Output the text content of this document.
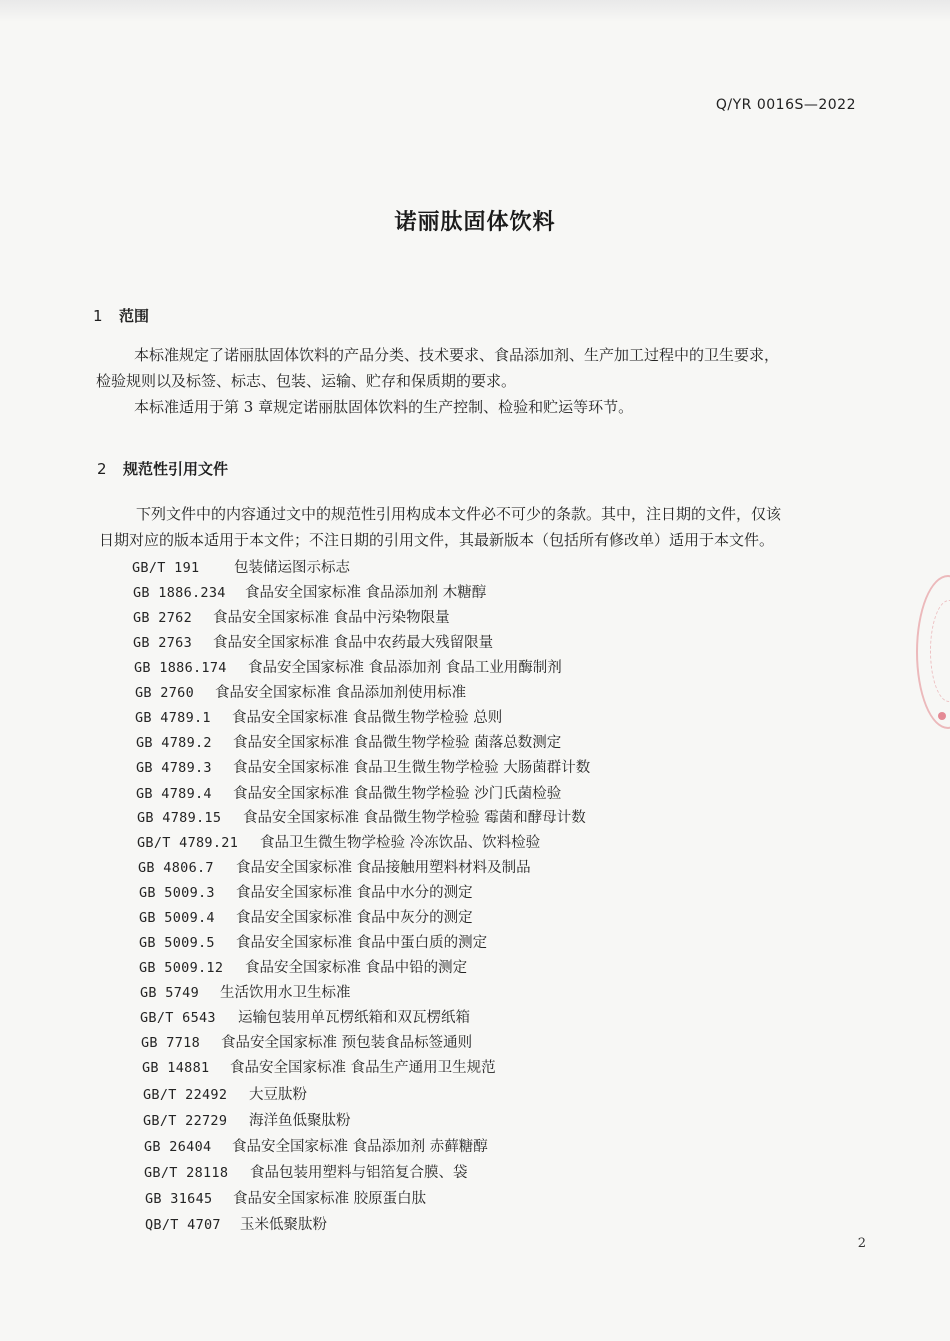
Q/YR 0016S—2022
诺丽肽固体饮料
1 范围
本标准规定了诺丽肽固体饮料的产品分类、技术要求、食品添加剂、生产加工过程中的卫生要求，
检验规则以及标签、标志、包装、运输、贮存和保质期的要求。
本标准适用于第 3 章规定诺丽肽固体饮料的生产控制、检验和贮运等环节。
2 规范性引用文件
下列文件中的内容通过文中的规范性引用构成本文件必不可少的条款。其中，注日期的文件，仅该
日期对应的版本适用于本文件；不注日期的引用文件，其最新版本（包括所有修改单）适用于本文件。
GB/T 191 包装储运图示标志
GB 1886.234 食品安全国家标准 食品添加剂 木糖醇
GB 2762 食品安全国家标准 食品中污染物限量
GB 2763 食品安全国家标准 食品中农药最大残留限量
GB 1886.174 食品安全国家标准 食品添加剂 食品工业用酶制剂
GB 2760 食品安全国家标准 食品添加剂使用标准
GB 4789.1 食品安全国家标准 食品微生物学检验 总则
GB 4789.2 食品安全国家标准 食品微生物学检验 菌落总数测定
GB 4789.3 食品安全国家标准 食品卫生微生物学检验 大肠菌群计数
GB 4789.4 食品安全国家标准 食品微生物学检验 沙门氏菌检验
GB 4789.15 食品安全国家标准 食品微生物学检验 霉菌和酵母计数
GB/T 4789.21 食品卫生微生物学检验 冷冻饮品、饮料检验
GB 4806.7 食品安全国家标准 食品接触用塑料材料及制品
GB 5009.3 食品安全国家标准 食品中水分的测定
GB 5009.4 食品安全国家标准 食品中灰分的测定
GB 5009.5 食品安全国家标准 食品中蛋白质的测定
GB 5009.12 食品安全国家标准 食品中铅的测定
GB 5749 生活饮用水卫生标准
GB/T 6543 运输包装用单瓦楞纸箱和双瓦楞纸箱
GB 7718 食品安全国家标准 预包装食品标签通则
GB 14881 食品安全国家标准 食品生产通用卫生规范
GB/T 22492 大豆肽粉
GB/T 22729 海洋鱼低聚肽粉
GB 26404 食品安全国家标准 食品添加剂 赤藓糖醇
GB/T 28118 食品包装用塑料与铝箔复合膜、袋
GB 31645 食品安全国家标准 胶原蛋白肽
QB/T 4707 玉米低聚肽粉
2
